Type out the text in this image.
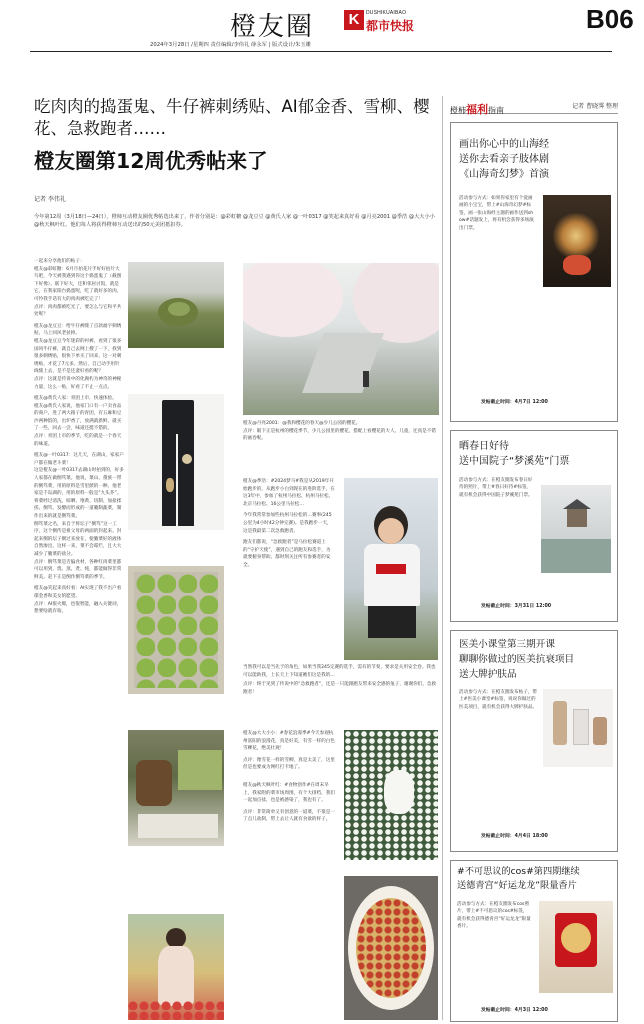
橙友圈	K	DUSHIKUAIBAO
都市快报	B06
2024年3月28日 /星期四 责任编辑/李伟礼 薛永军 | 版式设计/朱玉雕
吃肉肉的捣蛋鬼、牛仔裤刺绣贴、AI郁金香、雪柳、樱花、急救跑者……
橙友圈第12周优秀帖来了
记者 李伟礼
今年第12周（3月18日—24日），橙柿互动橙友圈优秀帖选出来了，作者分别是：@彩虹糖 @龙豆豆 @黄氏人家 @一叶0317 @笑起来真好看 @月亮2001 @季浩 @大大小小 @秋天枫叶红。他们每人将获得橙柿互动送出的50元美团抵扣券。
一起来分享他们的帖子：
橙友@彩虹糖：6月月拍花片手好好拍片大鸟吧，今天被我遇到你这个捣蛋鬼了（截图下好像）。联下好大，还和邻居讨饭，就是它，在我家阳台捣蛋呢，吃了就好多的肉，可怜我手话有大的肉肉被吃完了！
点评：肉肉都被吃光了，要怎么与它和平共处呢？
橙友@龙豆豆：给牛仔裤缝了点款福字刺绣贴，马上回风老扯掉。
橙友@龙豆豆今年迷彩的衬裤，看到了很多国风牛仔裤，就自己去网上搜了一下，找到很多刺绣贴，很快下单买了回来，这一对刺绣贴，才花了7元多。然后，自己动手用针线缝上去，是不是还蛮好看的呢？
点评：这就是传说中的化腐朽为神奇的神秘力量，这么一贴，好看了不止一点点。
橙友@黄氏人家：青团上市，快速体验。
橙友@黄氏人家说，他家门口有一户卖食品的商户，进了两大箱子的青团，有五麻和豆沙两种馅的，出炉香了，放满就新鲜，就买了一些，回去一尝，味道还挺不错的。
点评：青团上市的季节，吃的就是一个春天的味道。
橙友@一叶0317：这几天，在湖山，家家户户都在做老斗菜！
这是橙友@一叶0317去湖山时拍到的，好多人家都在做倒笃菜。他说，菜山、畲族一带的倒笃菜，用的原料是雪里蕻的一种。他老家是千岛湖的，用的原料一般是“九头芥”。将菜经过清洗、晾晒、堆黄、切制、加盐揉搓、倒笃、发酵而形成的一道腌制蔬菜，制作出来的就是倒笃菜。
倒笃菜之名，来自于将坛子“倒笃”这一工序，这个倒传是祖父母的两面的封起来。封起来倒的坛子倒过来放在，使腌菜好的液体自然渗出，这样一来，菜不会霉烂，且大大减少了腌菜的盐分。
点评：倒笃菜是否偏食材，各种红肉菜里都可以用到，烧、蒸、煮、炖，都能做得非常鲜美。赶下正是倒作倒笃菜的季节。
橙友@笑起来真好看：AI实现了我不出户看郁金香和美女的愿望。
点评：AI很火爆，也很智能，融入关键词，想要啥就有啥。
橙友@月亮2001：@我和樱花的春天@少儿公园的樱花。
点评：眼下正是杭州的樱花季节，少儿公园里的樱花，搭配上看樱花的大人、儿童，还真是不错的画卷呢。
橙友@季浩：#2024梦马#我是从2019年开始跑步的，从跑步小白到现在的进阶选手，在这3年中，参加了杭州马拉松、杭州马拉松、北京马拉松、16公里马拉松…
今年我常常参加些杭州马拉松的…赛事(245公里为4小时42分钟完赛)。是我跑步一天，这是我最第二次急救跑者。
跑友们都说，“急救跑者”是马拉松赛道上的“守护天使”，遇到自己的跑友和选手，为就要俯身帮助、都时刻关注所有参赛者的安全。
当然我可以是当先于的角色，如果当我245完赛的选手，需有的节奏，要求是关用安全卷。我也可以能助我，上长天上下知道她们这是我的…
点评：终于见到了传说中的“急救跑者”，还是一只能跟跑友带来安全感的兔子，谢谢你们，急救跑者！
橙友@大大小小：#春花浪漫季#今天参观杭州富阳的浪漫花，真是好美，有雪一样的白色雪柳花，绝美壮观！
点评：像雪花一样的雪柳，真是太美了，这里但是也要成为网红打卡地了。
橙友@秋天枫叶红：#食物创作#在周末早上，我家附的菜市场周围，有个大排档，我们一起加点盐，也是被感染了，我也有了。
点评：非常简单又有创意的一道菜，不很是一丁点儿盐制，带上去让人就有食欲的样子。
橙柿福利指南	记者 曹晓霁 整理
画出你心中的山海经
送你去看亲子肢体剧
《山海奇幻梦》首演
活动参与方式：如果你家里有个爱画画的小宝宝，带上#山海奇幻梦#标签，画一张山海经主题的画作送到show#话题发上，将有机会获得多场演出门票。
发帖截止时间：4月7日 12:00
晒春日好待
送中国院子“梦溪苑”门票
活动参与方式：在橙友圈发布春日好待的照片，带上#春日好待#标签，就有机会获得中国院子梦溪苑门票。
发帖截止时间：3月31日 12:00
医美小课堂第三期开课
聊聊你做过的医美抗衰项目
送大牌护肤品
活动参与方式：在橙友圈发布帖子，带上#医美小课堂#标签，说说你做过的医美项目，就有机会获得大牌护肤品。
发帖截止时间：4月4日 18:00
#不可思议的cos#第四期继续
送德青宫“好运龙龙”限量香片
活动参与方式：在橙友圈发布cos照片，带上#不可思议的cos#标签，就有机会获得德青宫“好运龙龙”限量香片。
发帖截止时间：4月3日 12:00
